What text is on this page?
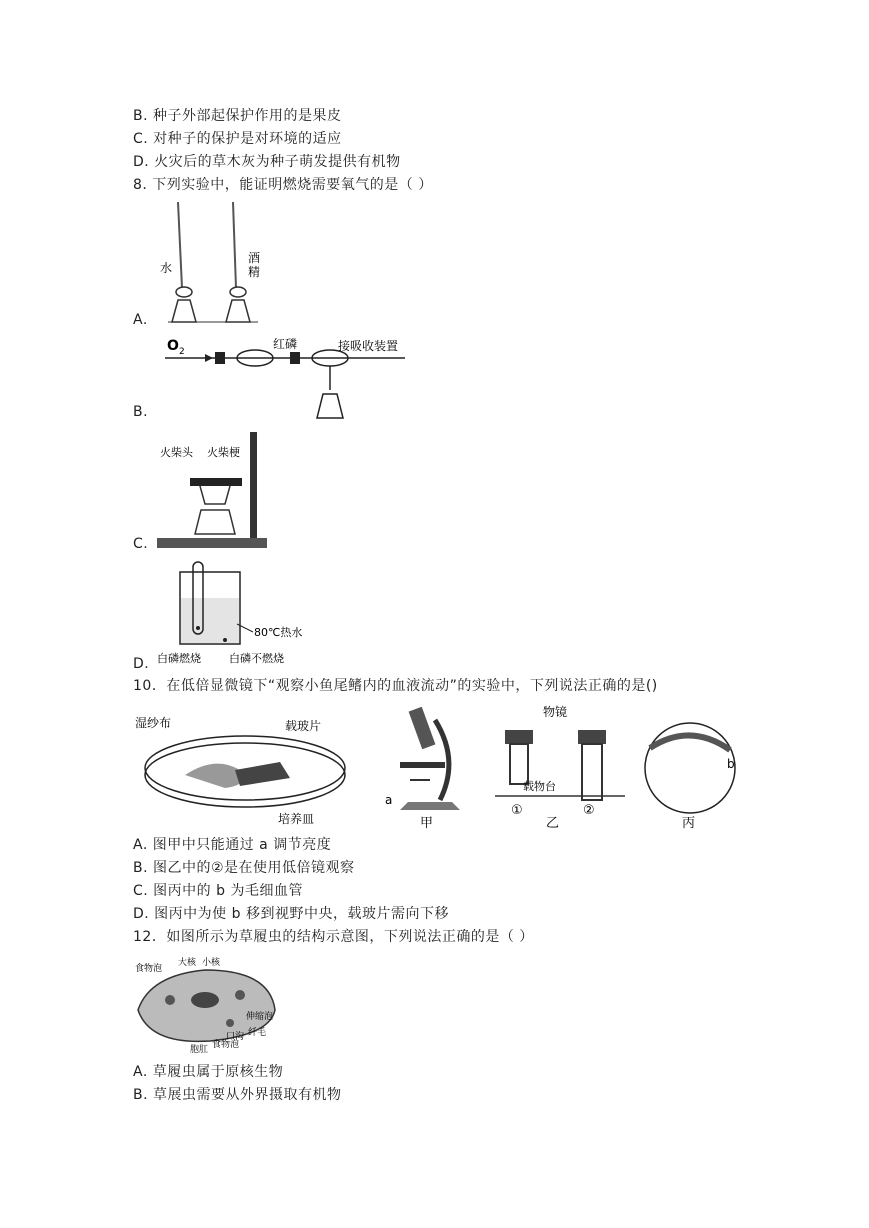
B. 种子外部起保护作用的是果皮
C. 对种子的保护是对环境的适应
D. 火灾后的草木灰为种子萌发提供有机物
8. 下列实验中，能证明燃烧需要氧气的是（ ）
水
酒
精
A.
O 2
红磷	接吸收装置
B.
火柴头 火柴梗
C.
80℃热水
白磷燃烧	白磷不燃烧
D.
10．在低倍显微镜下“观察小鱼尾鳍内的血液流动”的实验中，下列说法正确的是()
湿纱布	载玻片
培养皿
a
甲
物镜
载物台
①	②
乙
b
丙
A. 图甲中只能通过 a 调节亮度
B. 图乙中的②是在使用低倍镜观察
C. 图丙中的 b 为毛细血管
D. 图丙中为使 b 移到视野中央，载玻片需向下移
12．如图所示为草履虫的结构示意图，下列说法正确的是（ ）
食物泡
大核 小核
伸缩泡
口沟 纤毛
胞肛 食物泡
A. 草履虫属于原核生物
B. 草展虫需要从外界摄取有机物
